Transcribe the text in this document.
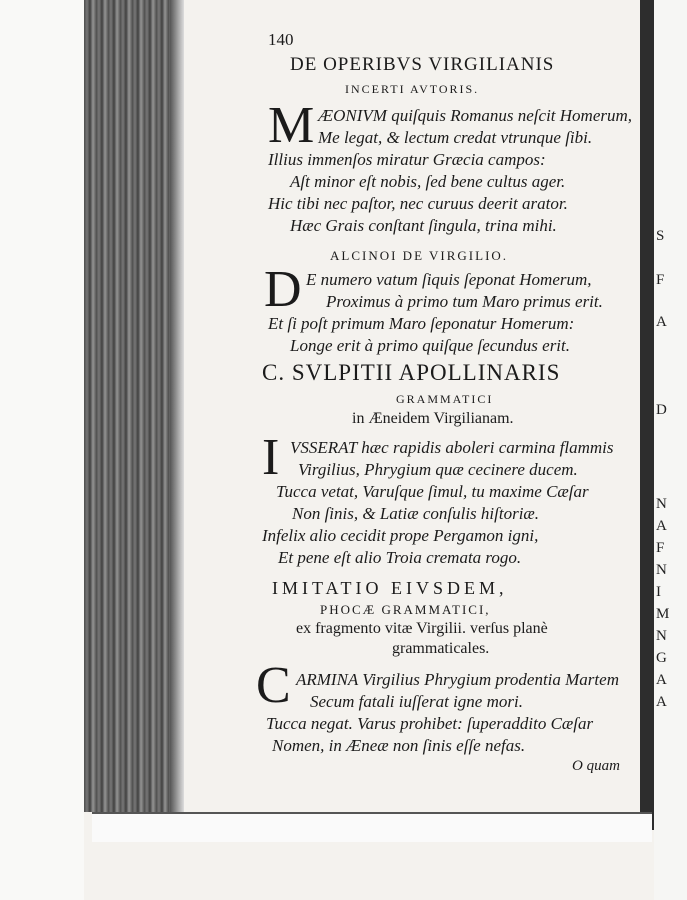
S
F
A
D
N
A
F
N
I
M
N
G
A
A
140
DE OPERIBVS VIRGILIANIS
INCERTI AVTORIS.
M ÆONIVM quiſquis Romanus neſcit Homerum,
Me legat, & lectum credat vtrunque ſibi.
Illius immenſos miratur Græcia campos:
Aſt minor eſt nobis, ſed bene cultus ager.
Hic tibi nec paſtor, nec curuus deerit arator.
Hæc Grais conſtant ſingula, trina mihi.
ALCINOI DE VIRGILIO.
D E numero vatum ſiquis ſeponat Homerum,
Proximus à primo tum Maro primus erit.
Et ſi poſt primum Maro ſeponatur Homerum:
Longe erit à primo quiſque ſecundus erit.
C. SVLPITII APOLLINARIS
GRAMMATICI
in Æneidem Virgilianam.
I VSSERAT hæc rapidis aboleri carmina flammis
Virgilius, Phrygium quæ cecinere ducem.
Tucca vetat, Varuſque ſimul, tu maxime Cæſar
Non ſinis, & Latiæ conſulis hiſtoriæ.
Infelix alio cecidit prope Pergamon igni,
Et pene eſt alio Troia cremata rogo.
IMITATIO EIVSDEM,
PHOCÆ GRAMMATICI,
ex fragmento vitæ Virgilii. verſus planè
grammaticales.
C ARMINA Virgilius Phrygium prodentia Martem
Secum fatali iuſſerat igne mori.
Tucca negat. Varus prohibet: ſuperaddito Cæſar
Nomen, in Æneæ non ſinis eſſe nefas.
O quam
